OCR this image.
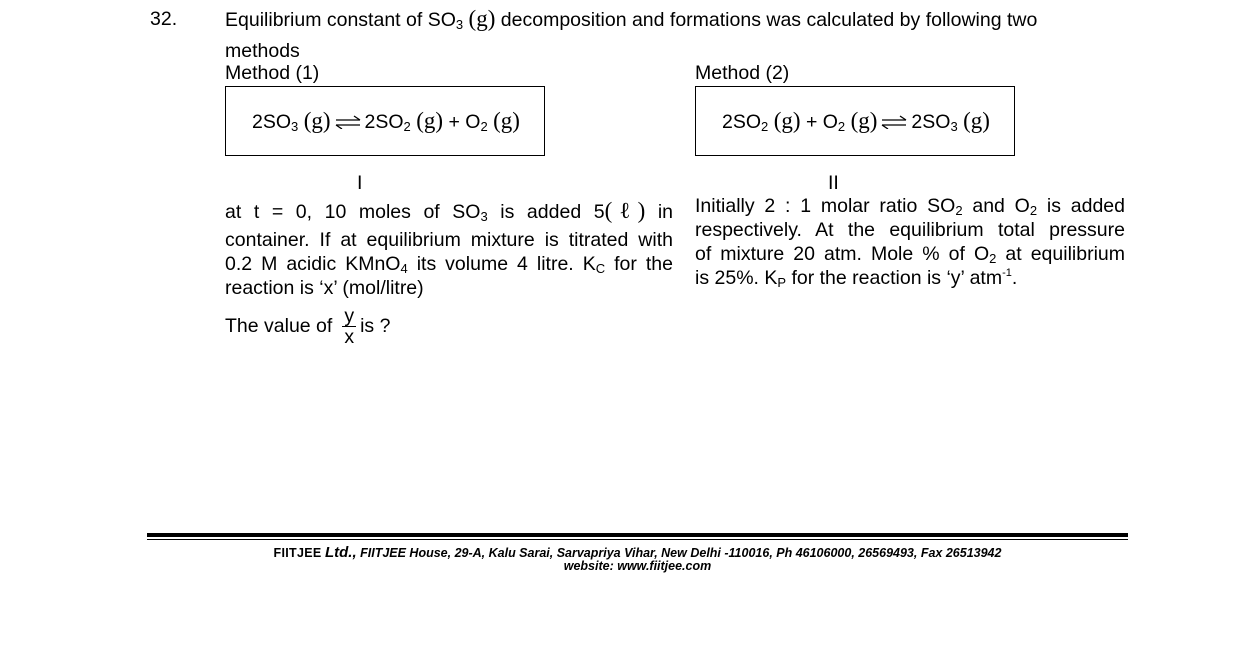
32. Equilibrium constant of $SO_3$ (g) decomposition and formations was calculated by following two
methods
Method (1)	Method (2)
$2SO_3$ (g) ⇌ $2SO_2$ $(g) + O_2$ (g)	$2SO_2$ $(g) + O_2$ (g) ⇌ $2SO_3$ (g)
I	II
at t = 0, 10 moles of $SO_3$ is added 5(ℓ) in
container. If at equilibrium mixture is titrated with
0.2 M acidic KMnO$_4$ its volume 4 litre. $K_C$ for the
reaction is ‘x’ (mol/litre)
Initially 2 : 1 molar ratio $SO_2$ and $O_2$ is added
respectively. At the equilibrium total pressure
of mixture 20 atm. Mole % of $O_2$ at equilibrium
is 25%. $K_P$ for the reaction is ‘y’ atm$^{-1}$.
The value of $\frac{y}{x}$ is ?
FIITJEE Ltd., FIITJEE House, 29-A, Kalu Sarai, Sarvapriya Vihar, New Delhi -110016, Ph 46106000, 26569493, Fax 26513942
website: www.fiitjee.com
